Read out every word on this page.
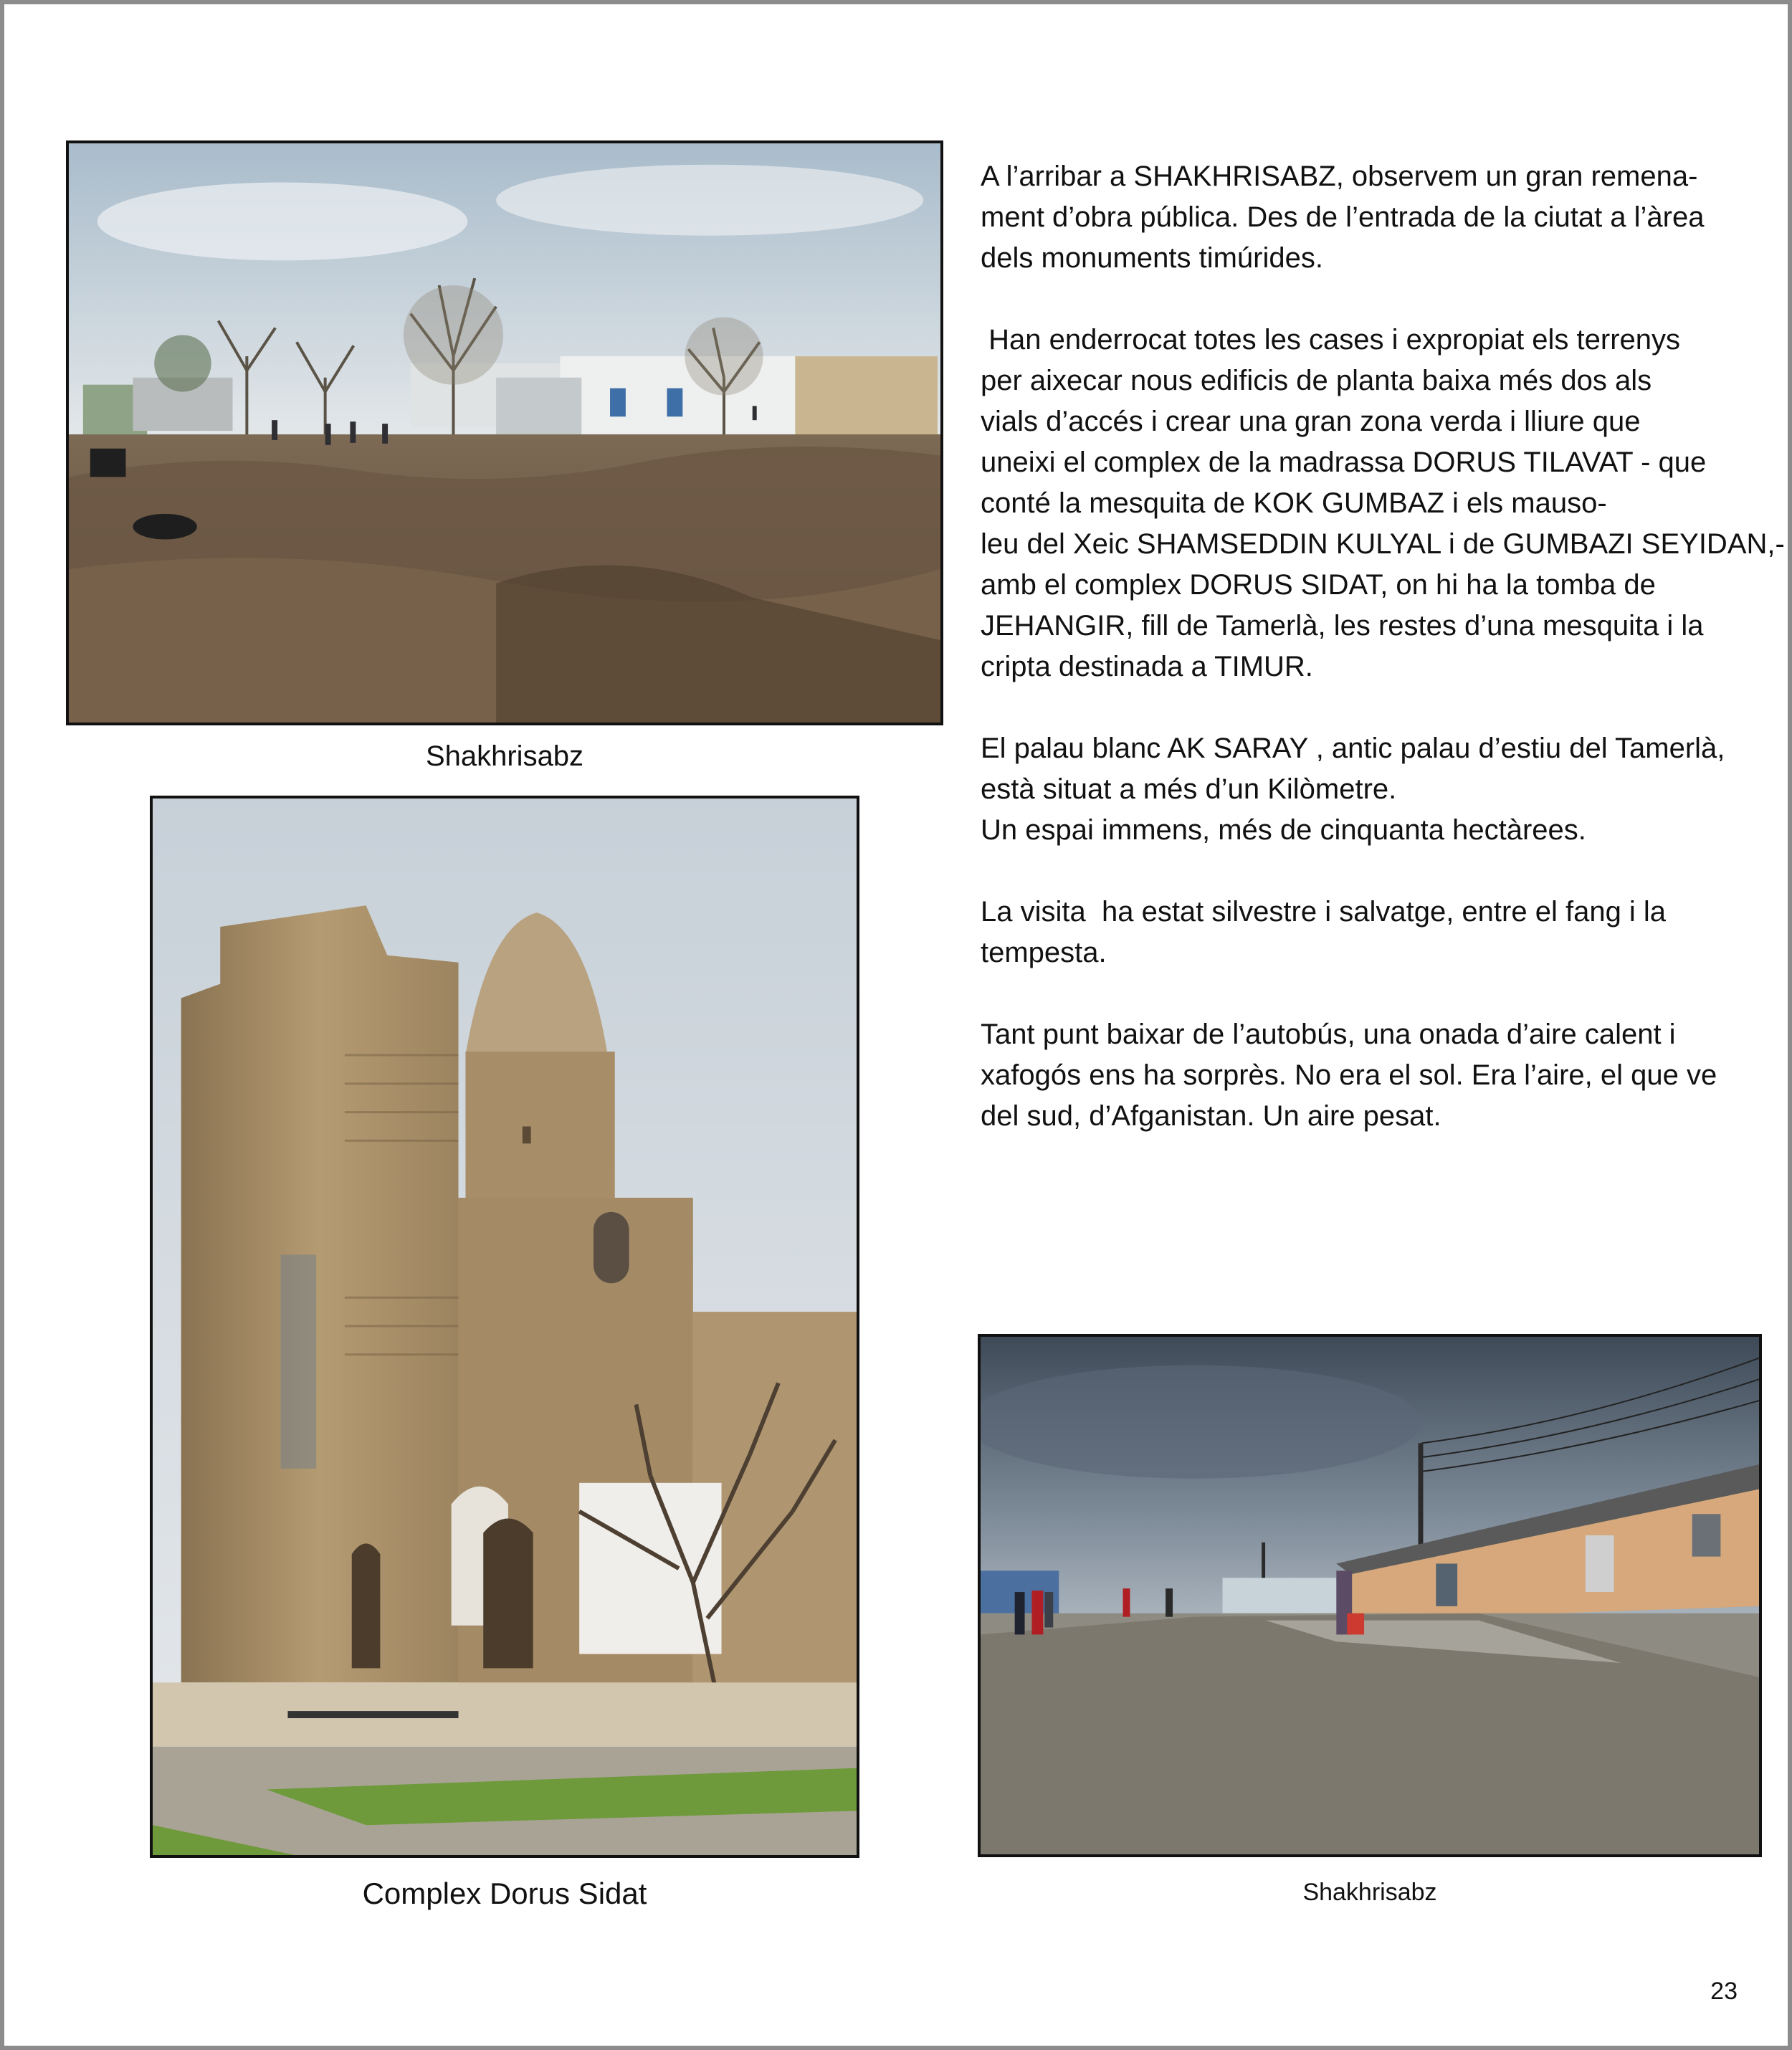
Shakhrisabz
Complex Dorus Sidat

A l’arribar a SHAKHRISABZ, observem un gran remena-

ment d’obra pública. Des de l’entrada de la ciutat a l’àrea

dels monuments timúrides.

Han enderrocat totes les cases i expropiat els terrenys

per aixecar nous edificis de planta baixa més dos als

vials d’accés i crear una gran zona verda i lliure que

uneixi el complex de la madrassa DORUS TILAVAT - que

conté la mesquita de KOK GUMBAZ i els mauso-

leu del Xeic SHAMSEDDIN KULYAL i de GUMBAZI SEYIDAN,-

amb el complex DORUS SIDAT, on hi ha la tomba de

JEHANGIR, fill de Tamerlà, les restes d’una mesquita i la

cripta destinada a TIMUR.

El palau blanc AK SARAY , antic palau d’estiu del Tamerlà,

està situat a més d’un Kilòmetre.

Un espai immens, més de cinquanta hectàrees.

La visita  ha estat silvestre i salvatge, entre el fang i la

tempesta.

Tant punt baixar de l’autobús, una onada d’aire calent i

xafogós ens ha sorprès. No era el sol. Era l’aire, el que ve

del sud, d’Afganistan. Un aire pesat.

Shakhrisabz
23
